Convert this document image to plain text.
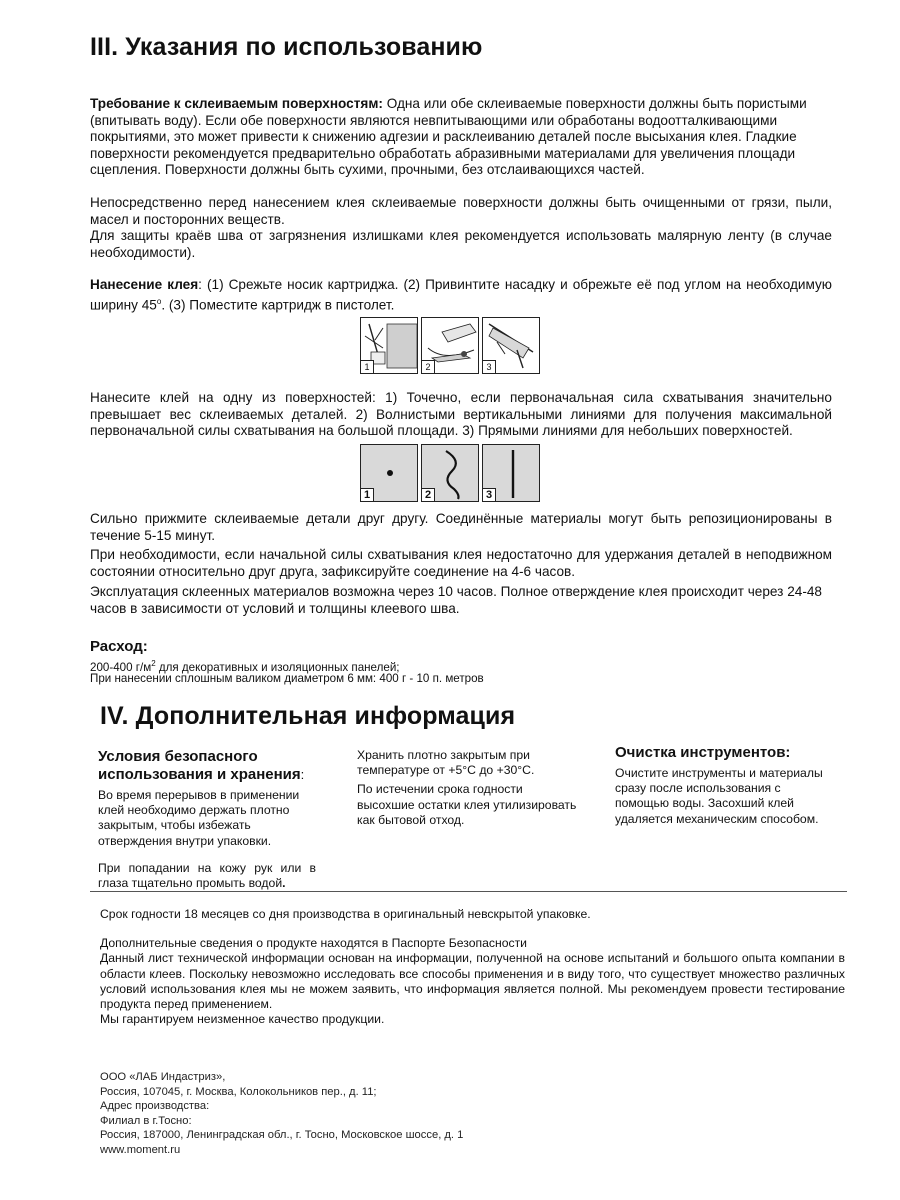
III. Указания по использованию

Требование к склеиваемым поверхностям: Одна или обе склеиваемые поверхности должны быть пористыми (впитывать воду). Если обе поверхности являются невпитывающими или обработаны водоотталкивающими покрытиями, это может привести к снижению адгезии и расклеиванию деталей после высыхания клея. Гладкие поверхности рекомендуется предварительно обработать абразивными материалами для увеличения площади сцепления. Поверхности должны быть сухими, прочными, без отслаивающихся частей.

Непосредственно перед нанесением клея склеиваемые поверхности должны быть очищенными от грязи, пыли, масел и посторонних веществ.

Для защиты краёв шва от загрязнения излишками клея рекомендуется использовать малярную ленту (в случае необходимости).

Нанесение клея: (1) Срежьте носик картриджа. (2) Привинтите насадку и обрежьте её под углом на необходимую ширину $45^о$. (3) Поместите картридж в пистолет.

1	2	3

Нанесите клей на одну из поверхностей: 1) Точечно, если первоначальная сила схватывания значительно превышает вес склеиваемых деталей. 2) Волнистыми вертикальными линиями для получения максимальной первоначальной силы схватывания на большой площади. 3) Прямыми линиями для небольших поверхностей.

1	2	3

Сильно прижмите склеиваемые детали друг другу. Соединённые материалы могут быть репозиционированы в течение 5-15 минут.

При необходимости, если начальной силы схватывания клея недостаточно для удержания деталей в неподвижном состоянии относительно друг друга, зафиксируйте соединение на 4-6 часов.

Эксплуатация склеенных материалов возможна через 10 часов. Полное отверждение клея происходит через 24-48 часов в зависимости от условий и толщины клеевого шва.

Расход:
200-400 $г/м^2$ для декоративных и изоляционных панелей;
При нанесении сплошным валиком диаметром 6 мм: 400 г - 10 п. метров
IV. Дополнительная информация
Условия безопасного использования и хранения:

Во время перерывов в применении клей необходимо держать плотно закрытым, чтобы избежать отверждения внутри упаковки.

При попадании на кожу рук или в глаза тщательно промыть водой.

Хранить плотно закрытым при температуре от +5°С до +30°С.

По истечении срока годности высохшие остатки клея утилизировать как бытовой отход.

Очистка инструментов:

Очистите инструменты и материалы сразу после использования с помощью воды. Засохший клей удаляется механическим способом.

Срок годности 18 месяцев со дня производства в оригинальный невскрытой упаковке.

Дополнительные сведения о продукте находятся в Паспорте Безопасности
Данный лист технической информации основан на информации, полученной на основе испытаний и большого опыта компании в области клеев. Поскольку невозможно исследовать все способы применения и в виду того, что существует множество различных условий использования клея мы не можем заявить, что информация является полной. Мы рекомендуем провести тестирование продукта перед применением.
Мы гарантируем неизменное качество продукции.
ООО «ЛАБ Индастриз»,
Россия, 107045, г. Москва, Колокольников пер., д. 11;
Адрес производства:
Филиал в г.Тосно:
Россия, 187000, Ленинградская обл., г. Тосно, Московское шоссе, д. 1
www.moment.ru
